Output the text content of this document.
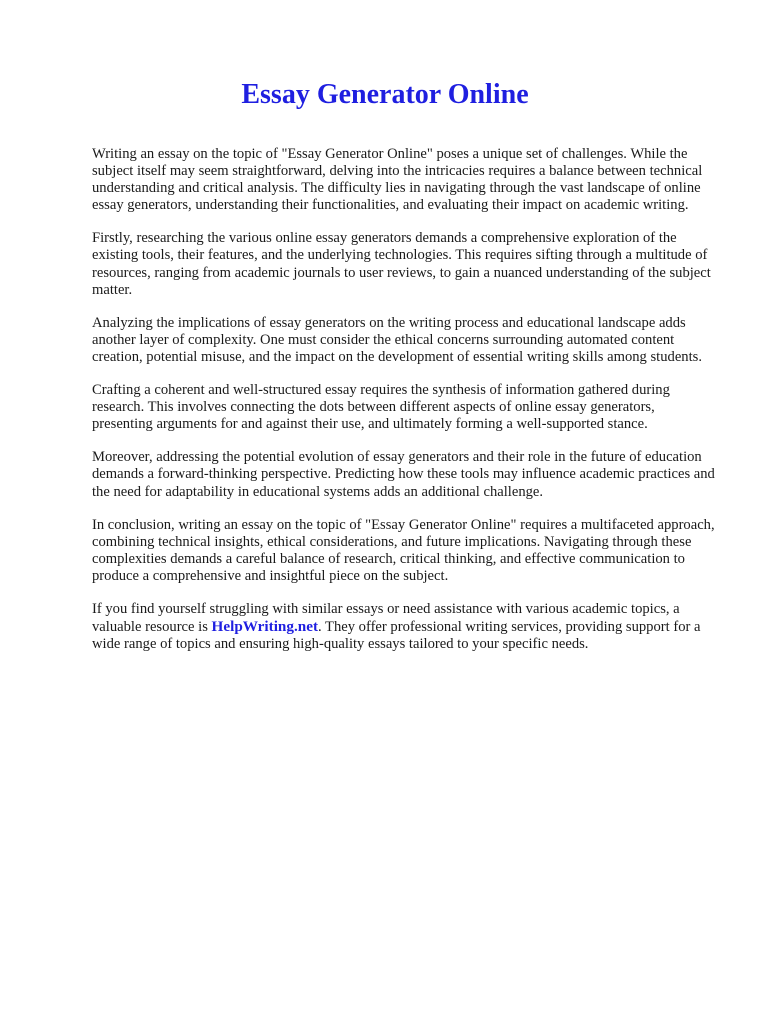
Essay Generator Online

Writing an essay on the topic of "Essay Generator Online" poses a unique set of challenges. While the subject itself may seem straightforward, delving into the intricacies requires a balance between technical understanding and critical analysis. The difficulty lies in navigating through the vast landscape of online essay generators, understanding their functionalities, and evaluating their impact on academic writing.

Firstly, researching the various online essay generators demands a comprehensive exploration of the existing tools, their features, and the underlying technologies. This requires sifting through a multitude of resources, ranging from academic journals to user reviews, to gain a nuanced understanding of the subject matter.

Analyzing the implications of essay generators on the writing process and educational landscape adds another layer of complexity. One must consider the ethical concerns surrounding automated content creation, potential misuse, and the impact on the development of essential writing skills among students.

Crafting a coherent and well-structured essay requires the synthesis of information gathered during research. This involves connecting the dots between different aspects of online essay generators, presenting arguments for and against their use, and ultimately forming a well-supported stance.

Moreover, addressing the potential evolution of essay generators and their role in the future of education demands a forward-thinking perspective. Predicting how these tools may influence academic practices and the need for adaptability in educational systems adds an additional challenge.

In conclusion, writing an essay on the topic of "Essay Generator Online" requires a multifaceted approach, combining technical insights, ethical considerations, and future implications. Navigating through these complexities demands a careful balance of research, critical thinking, and effective communication to produce a comprehensive and insightful piece on the subject.

If you find yourself struggling with similar essays or need assistance with various academic topics, a valuable resource is HelpWriting.net. They offer professional writing services, providing support for a wide range of topics and ensuring high-quality essays tailored to your specific needs.
